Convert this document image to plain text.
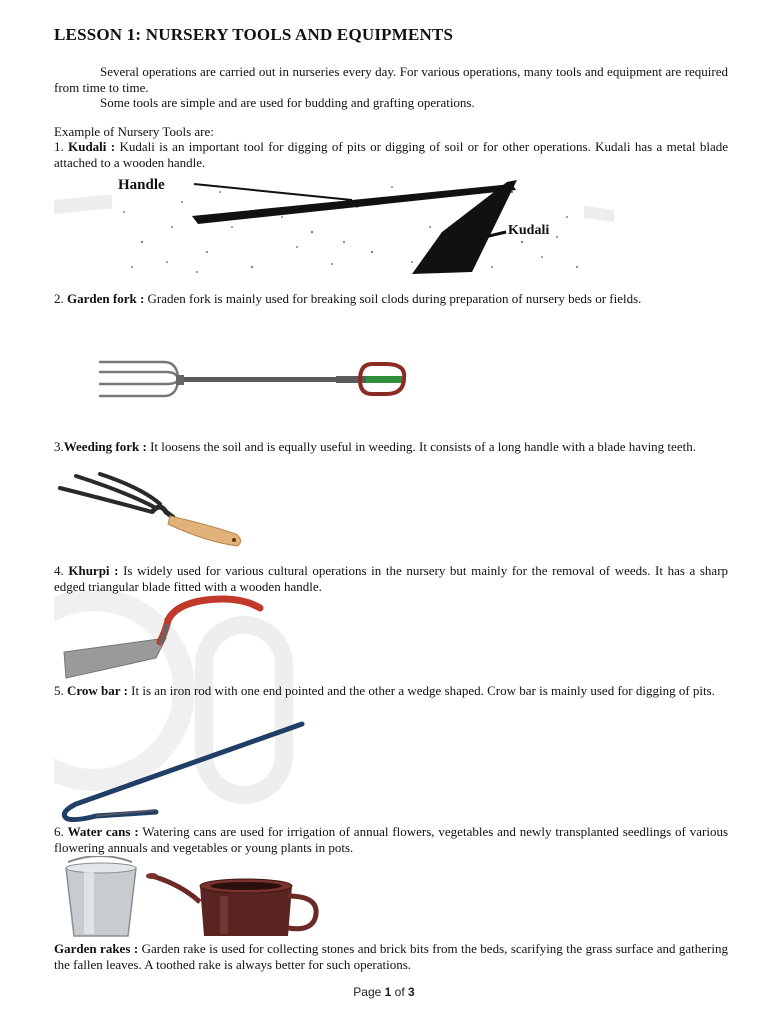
LESSON 1: NURSERY TOOLS AND EQUIPMENTS
Several operations are carried out in nurseries every day. For various operations, many tools and equipment are required from time to time.
Some tools are simple and are used for budding and grafting operations.
Example of Nursery Tools are:
1. Kudali : Kudali is an important tool for digging of pits or digging of soil or for other operations. Kudali has a metal blade attached to a wooden handle.
Handle
Kudali
2. Garden fork : Graden fork is mainly used for breaking soil clods during preparation of nursery beds or fields.
3.Weeding fork : It loosens the soil and is equally useful in weeding. It consists of a long handle with a blade having teeth.
4. Khurpi : Is widely used for various cultural operations in the nursery but mainly for the removal of weeds. It has a sharp edged triangular blade fitted with a wooden handle.
5. Crow bar : It is an iron rod with one end pointed and the other a wedge shaped. Crow bar is mainly used for digging of pits.
6. Water cans : Watering cans are used for irrigation of annual flowers, vegetables and newly transplanted seedlings of various flowering annuals and vegetables or young plants in pots.
Garden rakes : Garden rake is used for collecting stones and brick bits from the beds, scarifying the grass surface and gathering the fallen leaves. A toothed rake is always better for such operations.
Page 1 of 3
